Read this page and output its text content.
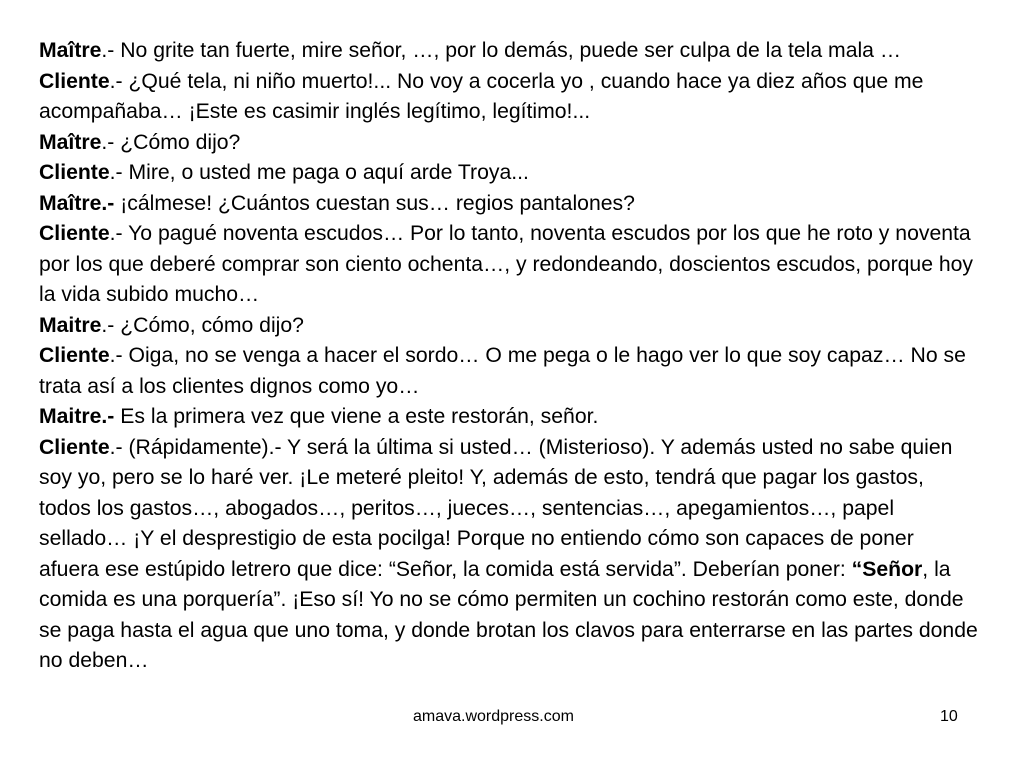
Maître.- No grite tan fuerte, mire señor, …, por lo demás, puede ser culpa de la tela mala …
Cliente.- ¿Qué tela, ni niño muerto!... No voy a cocerla yo , cuando hace ya diez años que me acompañaba… ¡Este es casimir inglés legítimo, legítimo!...
Maître.- ¿Cómo dijo?
Cliente.- Mire, o usted me paga o aquí arde Troya...
Maître.- ¡cálmese! ¿Cuántos cuestan sus… regios pantalones?
Cliente.- Yo pagué noventa escudos… Por lo tanto, noventa escudos por los que he roto y noventa por los que deberé comprar son ciento ochenta…, y redondeando, doscientos escudos, porque hoy la vida subido mucho…
Maitre.- ¿Cómo, cómo dijo?
Cliente.- Oiga, no se venga a hacer el sordo… O me pega o le hago ver lo que soy capaz… No se trata así a los clientes dignos como yo…
Maitre.- Es la primera vez que viene a este restorán, señor.
Cliente.- (Rápidamente).- Y será la última si usted… (Misterioso). Y además usted no sabe quien soy yo, pero se lo haré ver. ¡Le meteré pleito! Y, además de esto, tendrá que pagar los gastos, todos los gastos…, abogados…, peritos…, jueces…, sentencias…, apegamientos…, papel sellado… ¡Y el desprestigio de esta pocilga! Porque no entiendo cómo son capaces de poner afuera ese estúpido letrero que dice: “Señor, la comida está servida”. Deberían poner: “Señor, la comida es una porquería”. ¡Eso sí! Yo no se cómo permiten un cochino restorán como este, donde se paga hasta el agua que uno toma, y donde brotan los clavos para enterrarse en las partes donde no deben…
amava.wordpress.com	10
